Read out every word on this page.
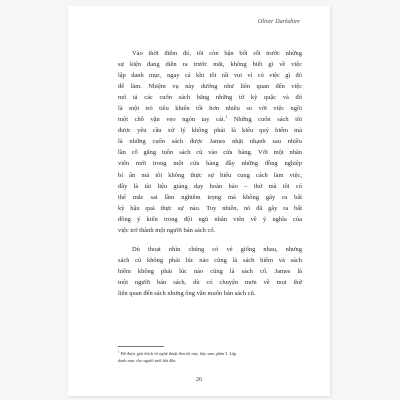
Oliver Darkshire

Vào thời điểm đó, tôi còn bận bối rối trước những
sự kiện đang diễn ra trước mắt, không biết gì về việc
lập danh mục, ngay cả khi tôi rất vui vì có việc gì đó
để làm. Nhiệm vụ này dường như liên quan đến việc
mô tả các cuốn sách bằng những từ kỳ quặc và đó
là một trò tiêu khiển tốt hơn nhiều so với việc ngồi
một chỗ vặn vẹo ngón tay cái.$^1$ Những cuốn sách tôi
được yêu cầu xử lý không phải là kiểu quý hiếm mà
là những cuốn sách được James nhặt nhạnh sau nhiều
lần cố gắng tuồn sách cũ vào cửa hàng. Với một nhân
viên mới trong một cửa hàng đầy những đồng nghiệp
bí ẩn mà tôi không thực sự hiểu cung cách làm việc,
đây là tài liệu giảng dạy hoàn hảo – thứ mà tôi có
thể mắc sai lầm nghiêm trọng mà không gây ra bất
kỳ hậu quả thực sự nào. Tuy nhiên, nó đã gây ra bất
đồng ý kiến trong đội ngũ nhân viên về ý nghĩa của
việc trở thành một người bán sách cổ.

Dù thoạt nhìn chúng có vẻ giống nhau, nhưng
sách cũ không phải lúc nào cũng là sách hiếm và sách
hiếm không phải lúc nào cũng là sách cổ. James là
một người bán sách, dù có chuyện mơn về mọi thứ
liên quan đến sách nhưng ông vẫn muốn bán sách cũ.

$^1$ Để được giải thích về nghệ thuật đen tối này, hãy xem phần 5. Lập
danh mục cho người mới bắt đầu.
26
